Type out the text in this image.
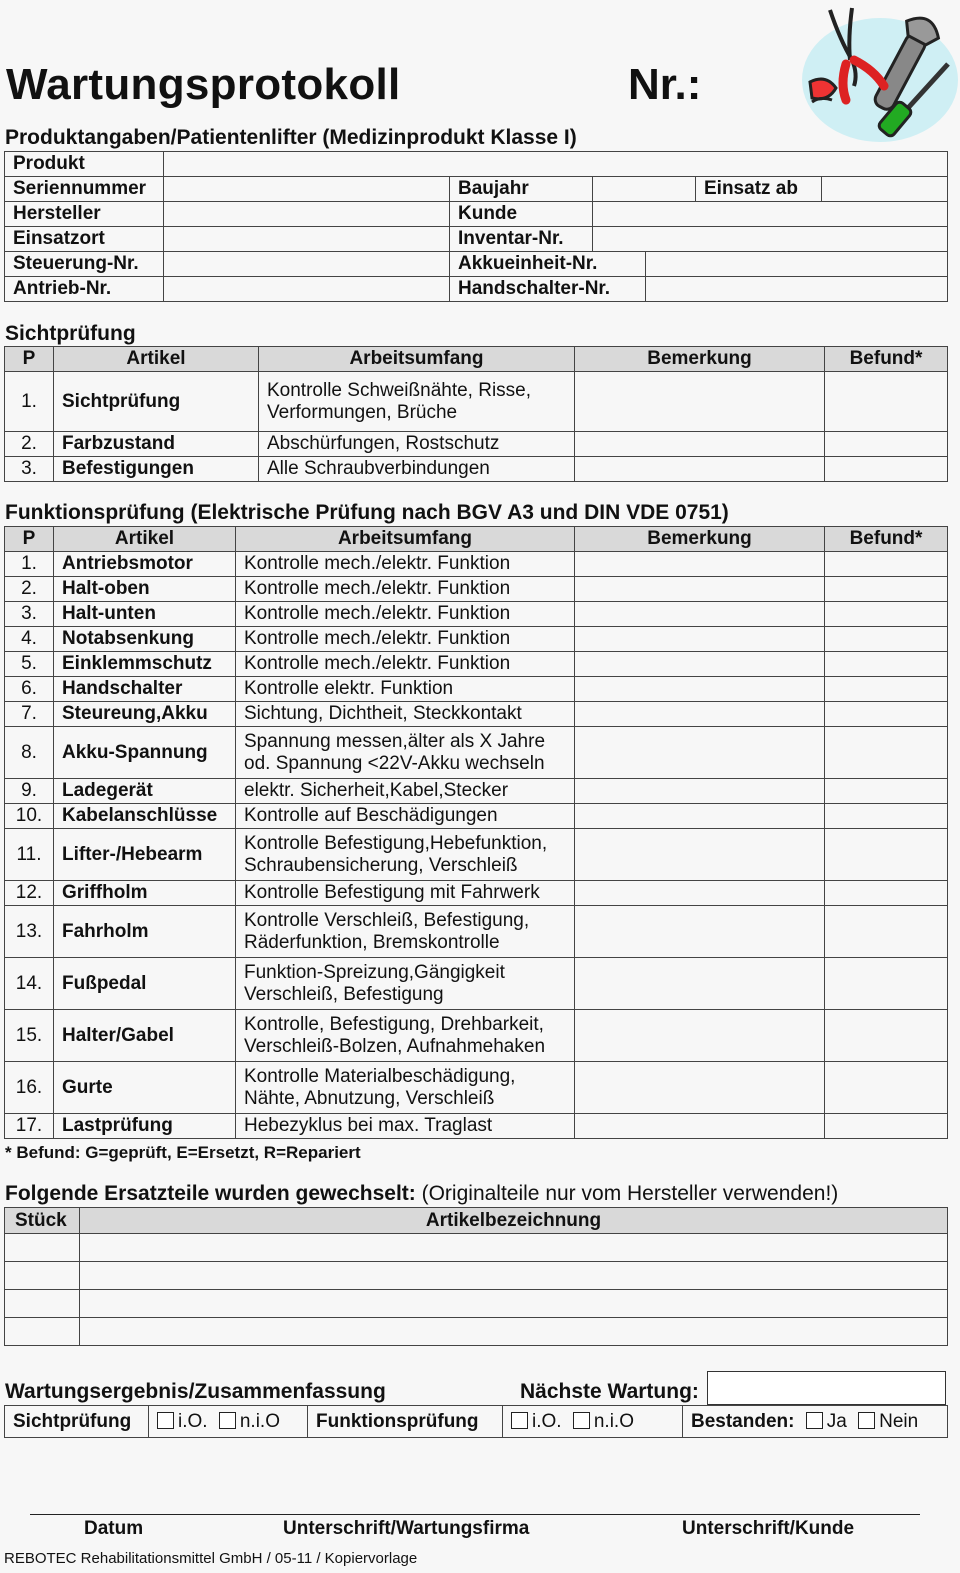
Wartungsprotokoll	Nr.:
Produktangaben/Patientenlifter (Medizinprodukt Klasse I)
Produkt						
Seriennummer		Baujahr			Einsatz ab	
Hersteller		Kunde				
Einsatzort		Inventar-Nr.				
Steuerung-Nr.		Akkueinheit-Nr.				
Antrieb-Nr.		Handschalter-Nr.				
Sichtprüfung
P	Artikel	Arbeitsumfang	Bemerkung	Befund*
1.	Sichtprüfung	Kontrolle Schweißnähte, Risse, Verformungen, Brüche		
2.	Farbzustand	Abschürfungen, Rostschutz		
3.	Befestigungen	Alle Schraubverbindungen		
Funktionsprüfung (Elektrische Prüfung nach BGV A3 und DIN VDE 0751)
P	Artikel	Arbeitsumfang	Bemerkung	Befund*
1.	Antriebsmotor	Kontrolle mech./elektr. Funktion		
2.	Halt-oben	Kontrolle mech./elektr. Funktion		
3.	Halt-unten	Kontrolle mech./elektr. Funktion		
4.	Notabsenkung	Kontrolle mech./elektr. Funktion		
5.	Einklemmschutz	Kontrolle mech./elektr. Funktion		
6.	Handschalter	Kontrolle elektr. Funktion		
7.	Steureung,Akku	Sichtung, Dichtheit, Steckkontakt		
8.	Akku-Spannung	Spannung messen,älter als X Jahre od. Spannung <22V-Akku wechseln		
9.	Ladegerät	elektr. Sicherheit,Kabel,Stecker		
10.	Kabelanschlüsse	Kontrolle auf Beschädigungen		
11.	Lifter-/Hebearm	Kontrolle Befestigung,Hebefunktion, Schraubensicherung, Verschleiß		
12.	Griffholm	Kontrolle Befestigung mit Fahrwerk		
13.	Fahrholm	Kontrolle Verschleiß, Befestigung, Räderfunktion, Bremskontrolle		
14.	Fußpedal	Funktion-Spreizung,Gängigkeit Verschleiß, Befestigung		
15.	Halter/Gabel	Kontrolle, Befestigung, Drehbarkeit, Verschleiß-Bolzen, Aufnahmehaken		
16.	Gurte	Kontrolle Materialbeschädigung, Nähte, Abnutzung, Verschleiß		
17.	Lastprüfung	Hebezyklus bei max. Traglast		
* Befund: G=geprüft, E=Ersetzt, R=Repariert
Folgende Ersatzteile wurden gewechselt: (Originalteile nur vom Hersteller verwenden!)
Stück	Artikelbezeichnung

Wartungsergebnis/Zusammenfassung	Nächste Wartung:
Sichtprüfung	i.O. n.i.O	Funktionsprüfung	i.O. n.i.O	Bestanden: Ja Nein
Datum	Unterschrift/Wartungsfirma	Unterschrift/Kunde
REBOTEC Rehabilitationsmittel GmbH / 05-11 / Kopiervorlage
